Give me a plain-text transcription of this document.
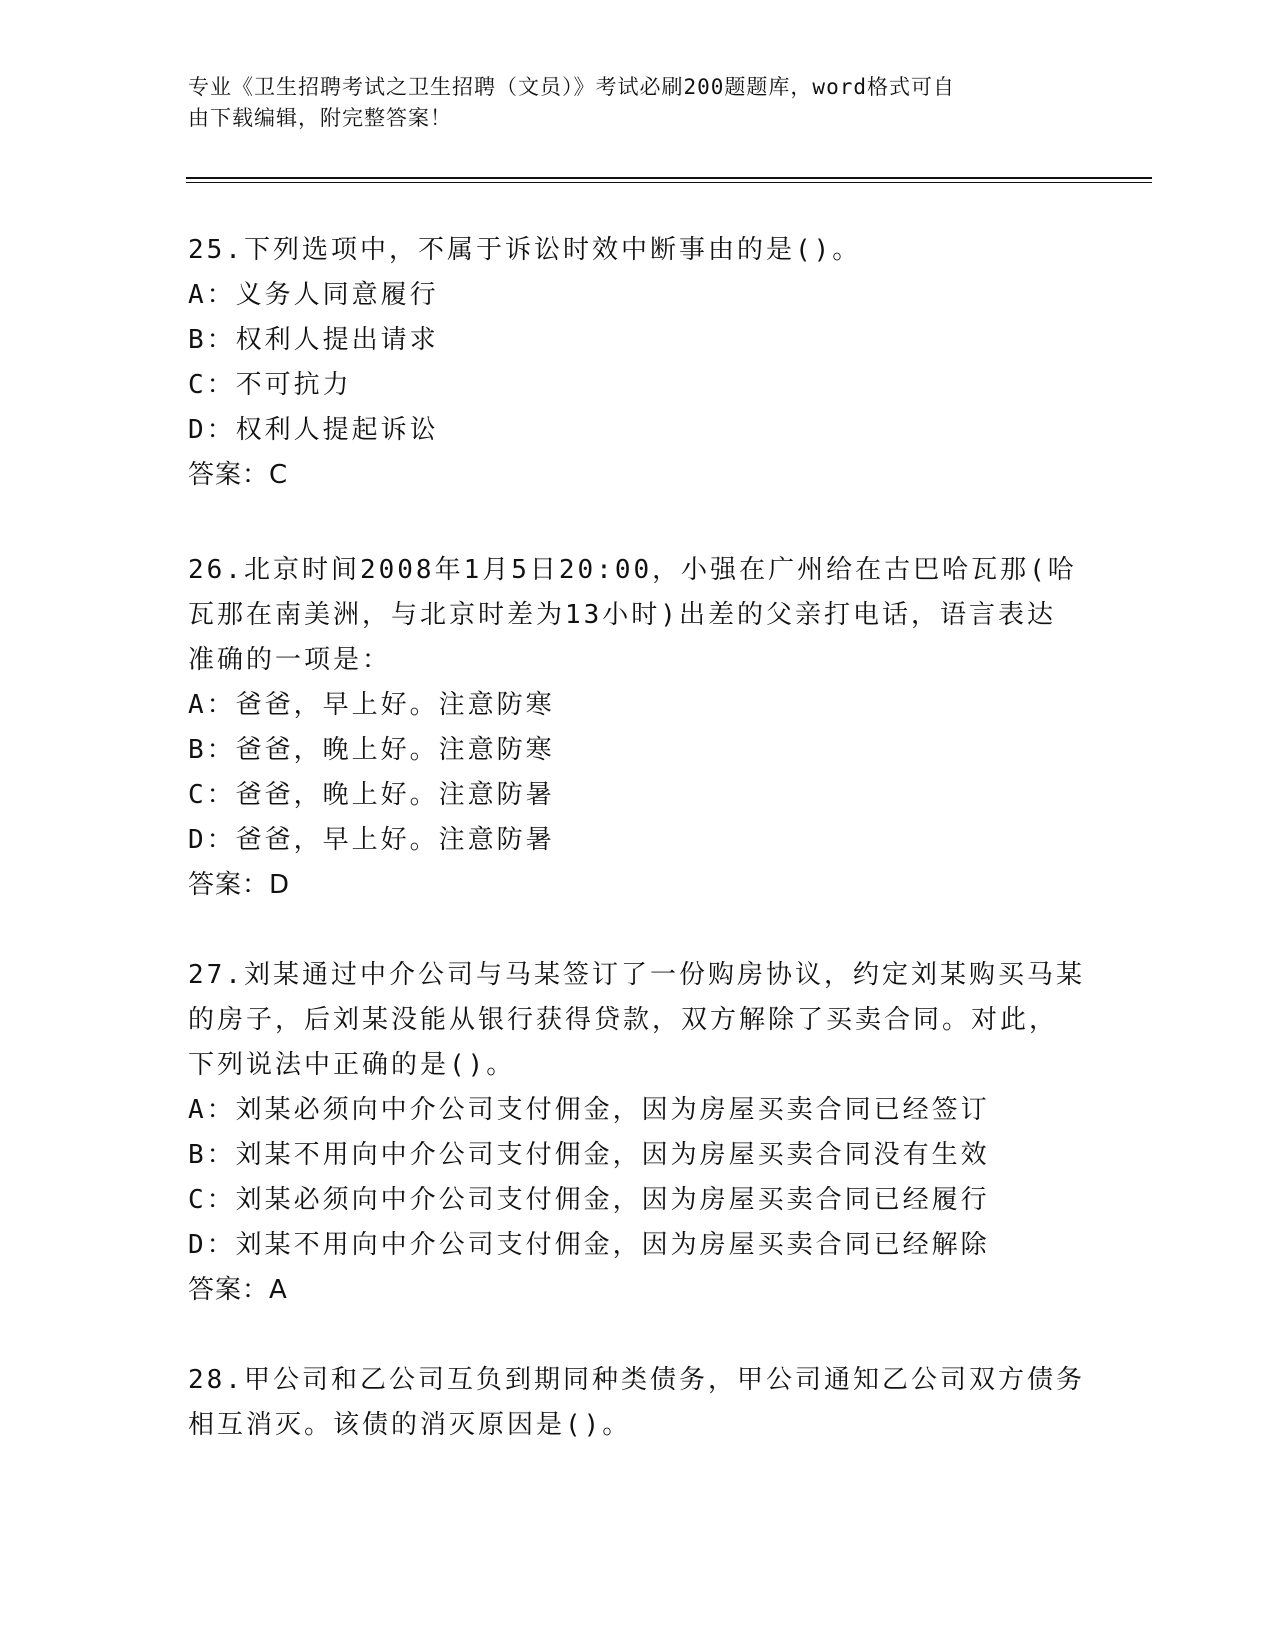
专业《卫生招聘考试之卫生招聘（文员）》考试必刷200题题库，word格式可自
由下载编辑，附完整答案！
25.下列选项中，不属于诉讼时效中断事由的是()。
A：义务人同意履行
B：权利人提出请求
C：不可抗力
D：权利人提起诉讼
答案：C
26.北京时间2008年1月5日20:00，小强在广州给在古巴哈瓦那(哈
瓦那在南美洲，与北京时差为13小时)出差的父亲打电话，语言表达
准确的一项是：
A：爸爸，早上好。注意防寒
B：爸爸，晚上好。注意防寒
C：爸爸，晚上好。注意防暑
D：爸爸，早上好。注意防暑
答案：D
27.刘某通过中介公司与马某签订了一份购房协议，约定刘某购买马某
的房子，后刘某没能从银行获得贷款，双方解除了买卖合同。对此，
下列说法中正确的是()。
A：刘某必须向中介公司支付佣金，因为房屋买卖合同已经签订
B：刘某不用向中介公司支付佣金，因为房屋买卖合同没有生效
C：刘某必须向中介公司支付佣金，因为房屋买卖合同已经履行
D：刘某不用向中介公司支付佣金，因为房屋买卖合同已经解除
答案：A
28.甲公司和乙公司互负到期同种类债务，甲公司通知乙公司双方债务
相互消灭。该债的消灭原因是()。
